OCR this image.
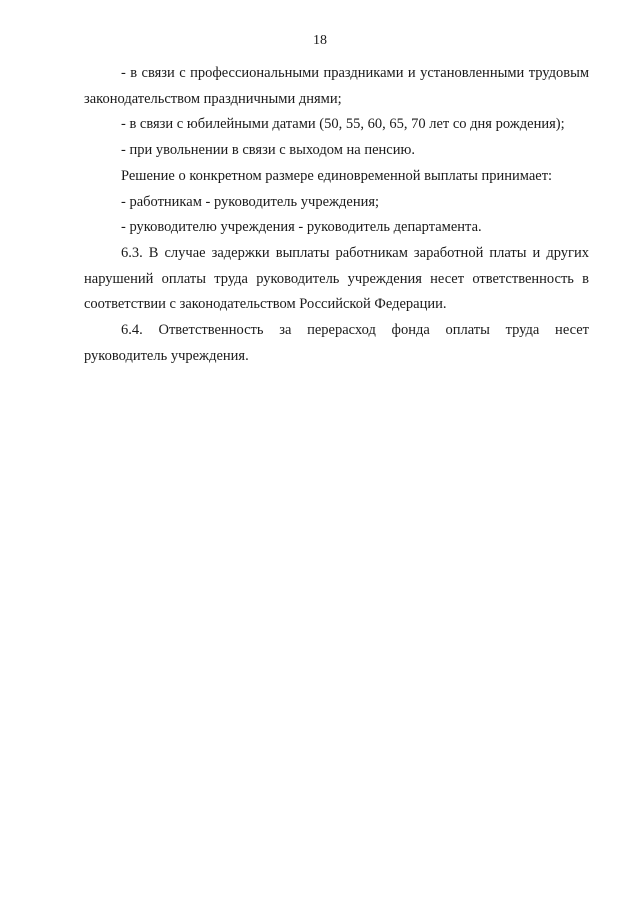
18

- в связи с профессиональными праздниками и установленными трудовым законодательством праздничными днями;

- в связи с юбилейными датами (50, 55, 60, 65, 70 лет со дня рождения);

- при увольнении в связи с выходом на пенсию.

Решение о конкретном размере единовременной выплаты принимает:

- работникам - руководитель учреждения;

- руководителю учреждения - руководитель департамента.

6.3. В случае задержки выплаты работникам заработной платы и других нарушений оплаты труда руководитель учреждения несет ответственность в соответствии с законодательством Российской Федерации.

6.4. Ответственность за перерасход фонда оплаты труда несет руководитель учреждения.
